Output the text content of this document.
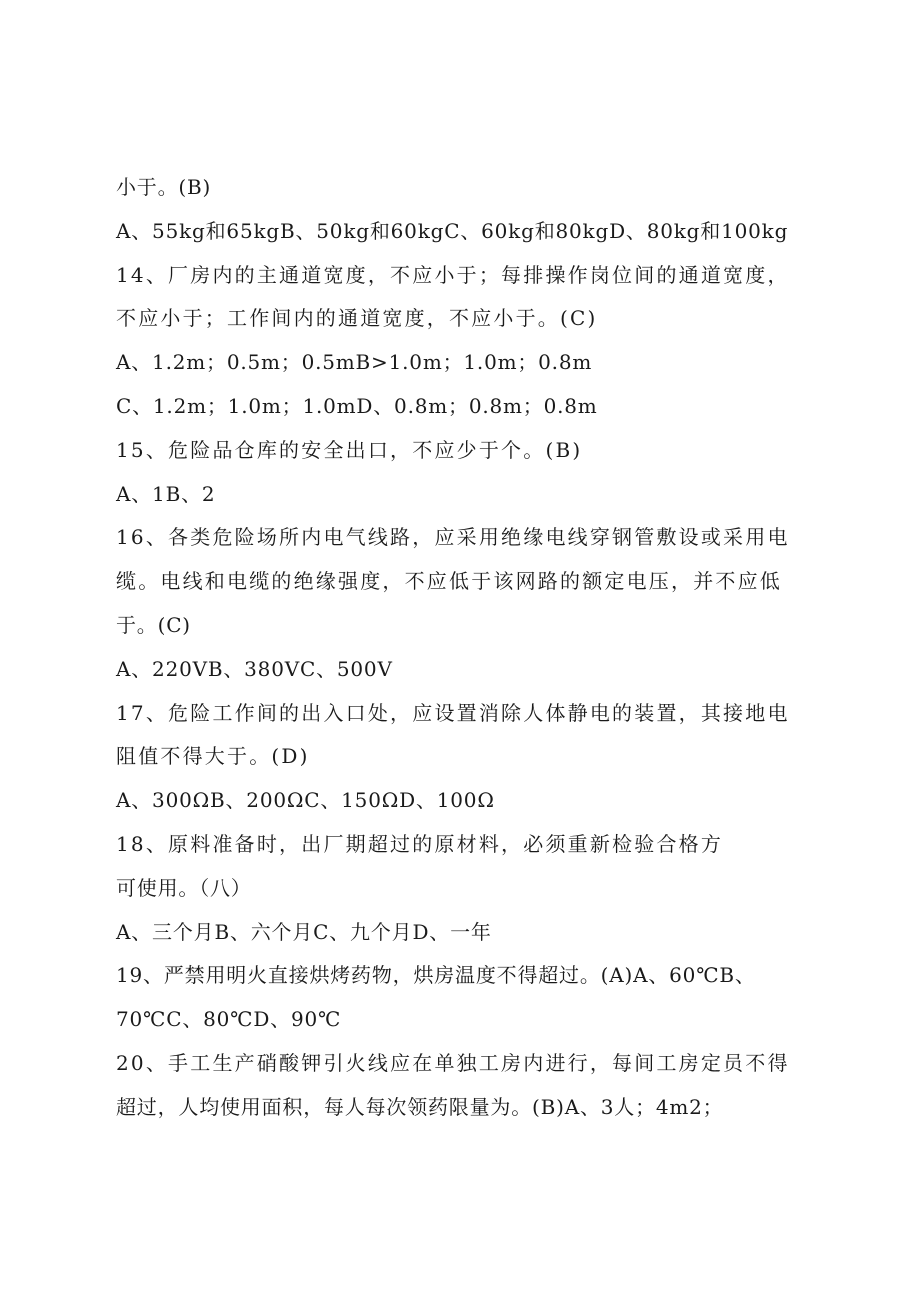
小于。(B)
A、55kg和65kgB、50kg和60kgC、60kg和80kgD、80kg和100kg
14、厂房内的主通道宽度，不应小于；每排操作岗位间的通道宽度，
不应小于；工作间内的通道宽度，不应小于。(C)
A、1.2m；0.5m；0.5mB>1.0m；1.0m；0.8m
C、1.2m；1.0m；1.0mD、0.8m；0.8m；0.8m
15、危险品仓库的安全出口，不应少于个。(B)
A、1B、2
16、各类危险场所内电气线路，应采用绝缘电线穿钢管敷设或采用电
缆。电线和电缆的绝缘强度，不应低于该网路的额定电压，并不应低
于。(C)
A、220VB、380VC、500V
17、危险工作间的出入口处，应设置消除人体静电的装置，其接地电
阻值不得大于。(D)
A、300ΩB、200ΩC、150ΩD、100Ω
18、原料准备时，出厂期超过的原材料，必须重新检验合格方
可使用。（八）
A、三个月B、六个月C、九个月D、一年
19、严禁用明火直接烘烤药物，烘房温度不得超过。(A)A、60℃B、
70℃C、80℃D、90℃
20、手工生产硝酸钾引火线应在单独工房内进行，每间工房定员不得
超过，人均使用面积，每人每次领药限量为。(B)A、3人；4m2；
